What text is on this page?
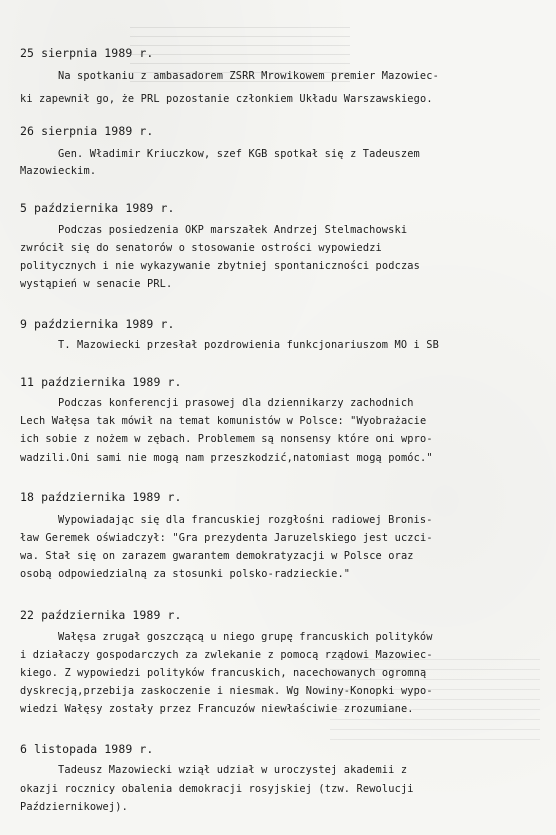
25 sierpnia 1989 r.
Na spotkaniu z ambasadorem ZSRR Mrowikowem premier Mazowiec-
ki zapewnił go, że PRL pozostanie członkiem Układu Warszawskiego.
26 sierpnia 1989 r.
Gen. Władimir Kriuczkow, szef KGB spotkał się z Tadeuszem
Mazowieckim.
5 października 1989 r.
Podczas posiedzenia OKP marszałek Andrzej Stelmachowski
zwrócił się do senatorów o stosowanie ostrości wypowiedzi
politycznych i nie wykazywanie zbytniej spontaniczności podczas
wystąpień w senacie PRL.
9 października 1989 r.
T. Mazowiecki przesłał pozdrowienia funkcjonariuszom MO i SB
11 października 1989 r.
Podczas konferencji prasowej dla dziennikarzy zachodnich
Lech Wałęsa tak mówił na temat komunistów w Polsce: "Wyobrażacie
ich sobie z nożem w zębach. Problemem są nonsensy które oni wpro-
wadzili.Oni sami nie mogą nam przeszkodzić,natomiast mogą pomóc."
18 października 1989 r.
Wypowiadając się dla francuskiej rozgłośni radiowej Bronis-
ław Geremek oświadczył: "Gra prezydenta Jaruzelskiego jest uczci-
wa. Stał się on zarazem gwarantem demokratyzacji w Polsce oraz
osobą odpowiedzialną za stosunki polsko-radzieckie."
22 października 1989 r.
Wałęsa zrugał goszczącą u niego grupę francuskich polityków
i działaczy gospodarczych za zwlekanie z pomocą rządowi Mazowiec-
kiego. Z wypowiedzi polityków francuskich, nacechowanych ogromną
dyskrecją,przebija zaskoczenie i niesmak. Wg Nowiny-Konopki wypo-
wiedzi Wałęsy zostały przez Francuzów niewłaściwie zrozumiane.
6 listopada 1989 r.
Tadeusz Mazowiecki wziął udział w uroczystej akademii z
okazji rocznicy obalenia demokracji rosyjskiej (tzw. Rewolucji
Październikowej).
